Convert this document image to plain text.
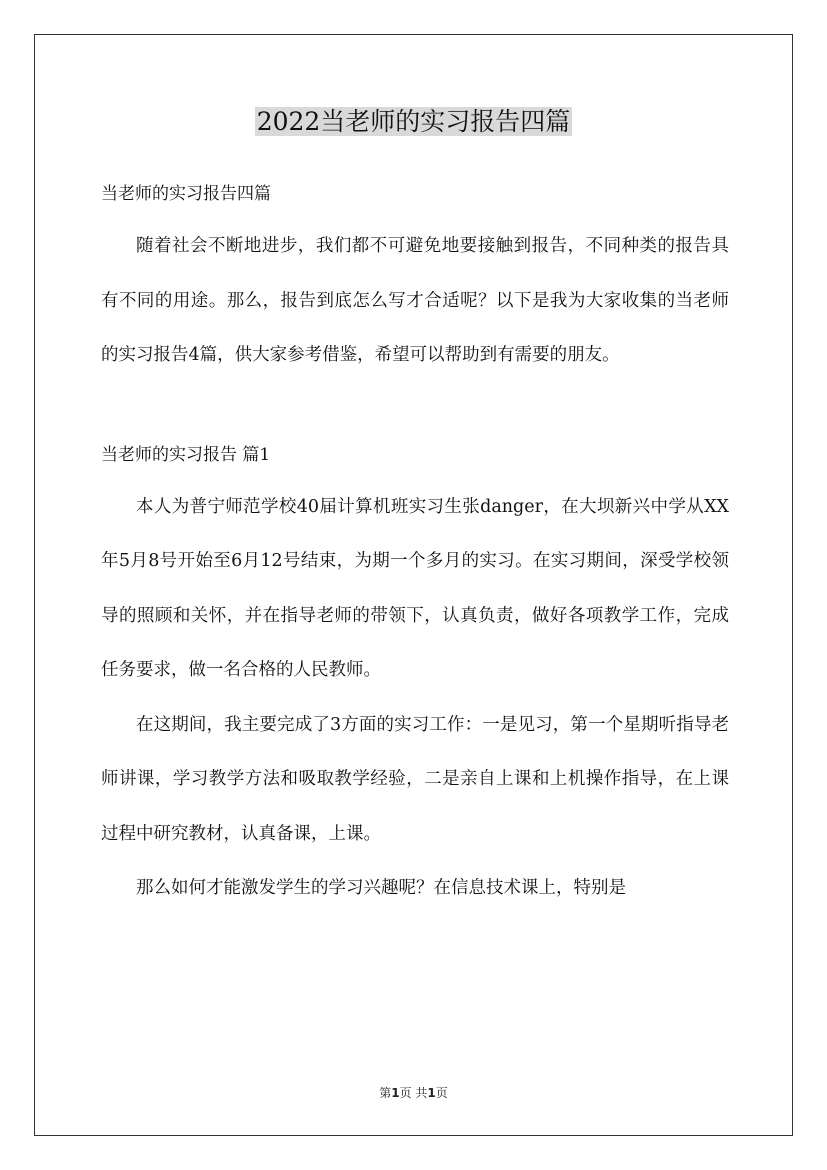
2022当老师的实习报告四篇

当老师的实习报告四篇

随着社会不断地进步，我们都不可避免地要接触到报告，不同种类的报告具有不同的用途。那么，报告到底怎么写才合适呢？以下是我为大家收集的当老师的实习报告4篇，供大家参考借鉴，希望可以帮助到有需要的朋友。

当老师的实习报告 篇1

本人为普宁师范学校40届计算机班实习生张danger，在大坝新兴中学从XX年5月8号开始至6月12号结束，为期一个多月的实习。在实习期间，深受学校领导的照顾和关怀，并在指导老师的带领下，认真负责，做好各项教学工作，完成任务要求，做一名合格的人民教师。

在这期间，我主要完成了3方面的实习工作：一是见习，第一个星期听指导老师讲课，学习教学方法和吸取教学经验，二是亲自上课和上机操作指导，在上课过程中研究教材，认真备课，上课。

那么如何才能激发学生的学习兴趣呢？在信息技术课上，特别是

第1页 共1页
